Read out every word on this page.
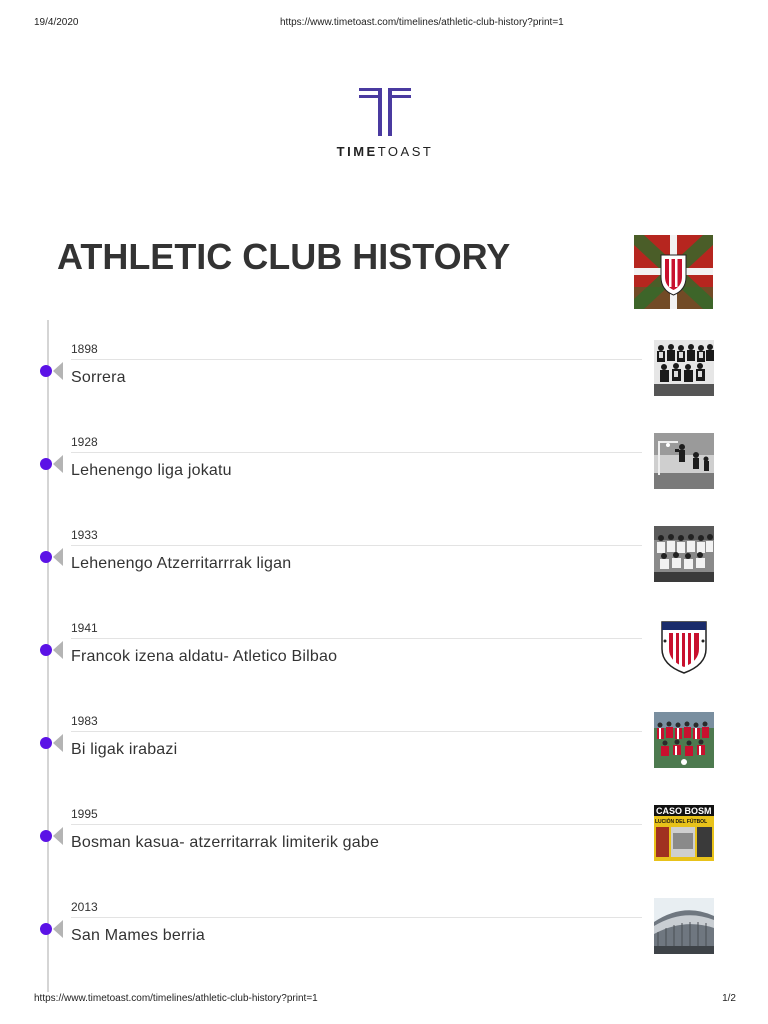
19/4/2020	https://www.timetoast.com/timelines/athletic-club-history?print=1
TIMETOAST
ATHLETIC CLUB HISTORY
1898
Sorrera
1928
Lehenengo liga jokatu
1933
Lehenengo Atzerritarrrak ligan
1941
Francok izena aldatu- Atletico Bilbao
1983
Bi ligak irabazi
1995
Bosman kasua- atzerritarrak limiterik gabe
CASO BOSM
LUCIÓN DEL FÚTBOL
2013
San Mames berria
https://www.timetoast.com/timelines/athletic-club-history?print=1	1/2
